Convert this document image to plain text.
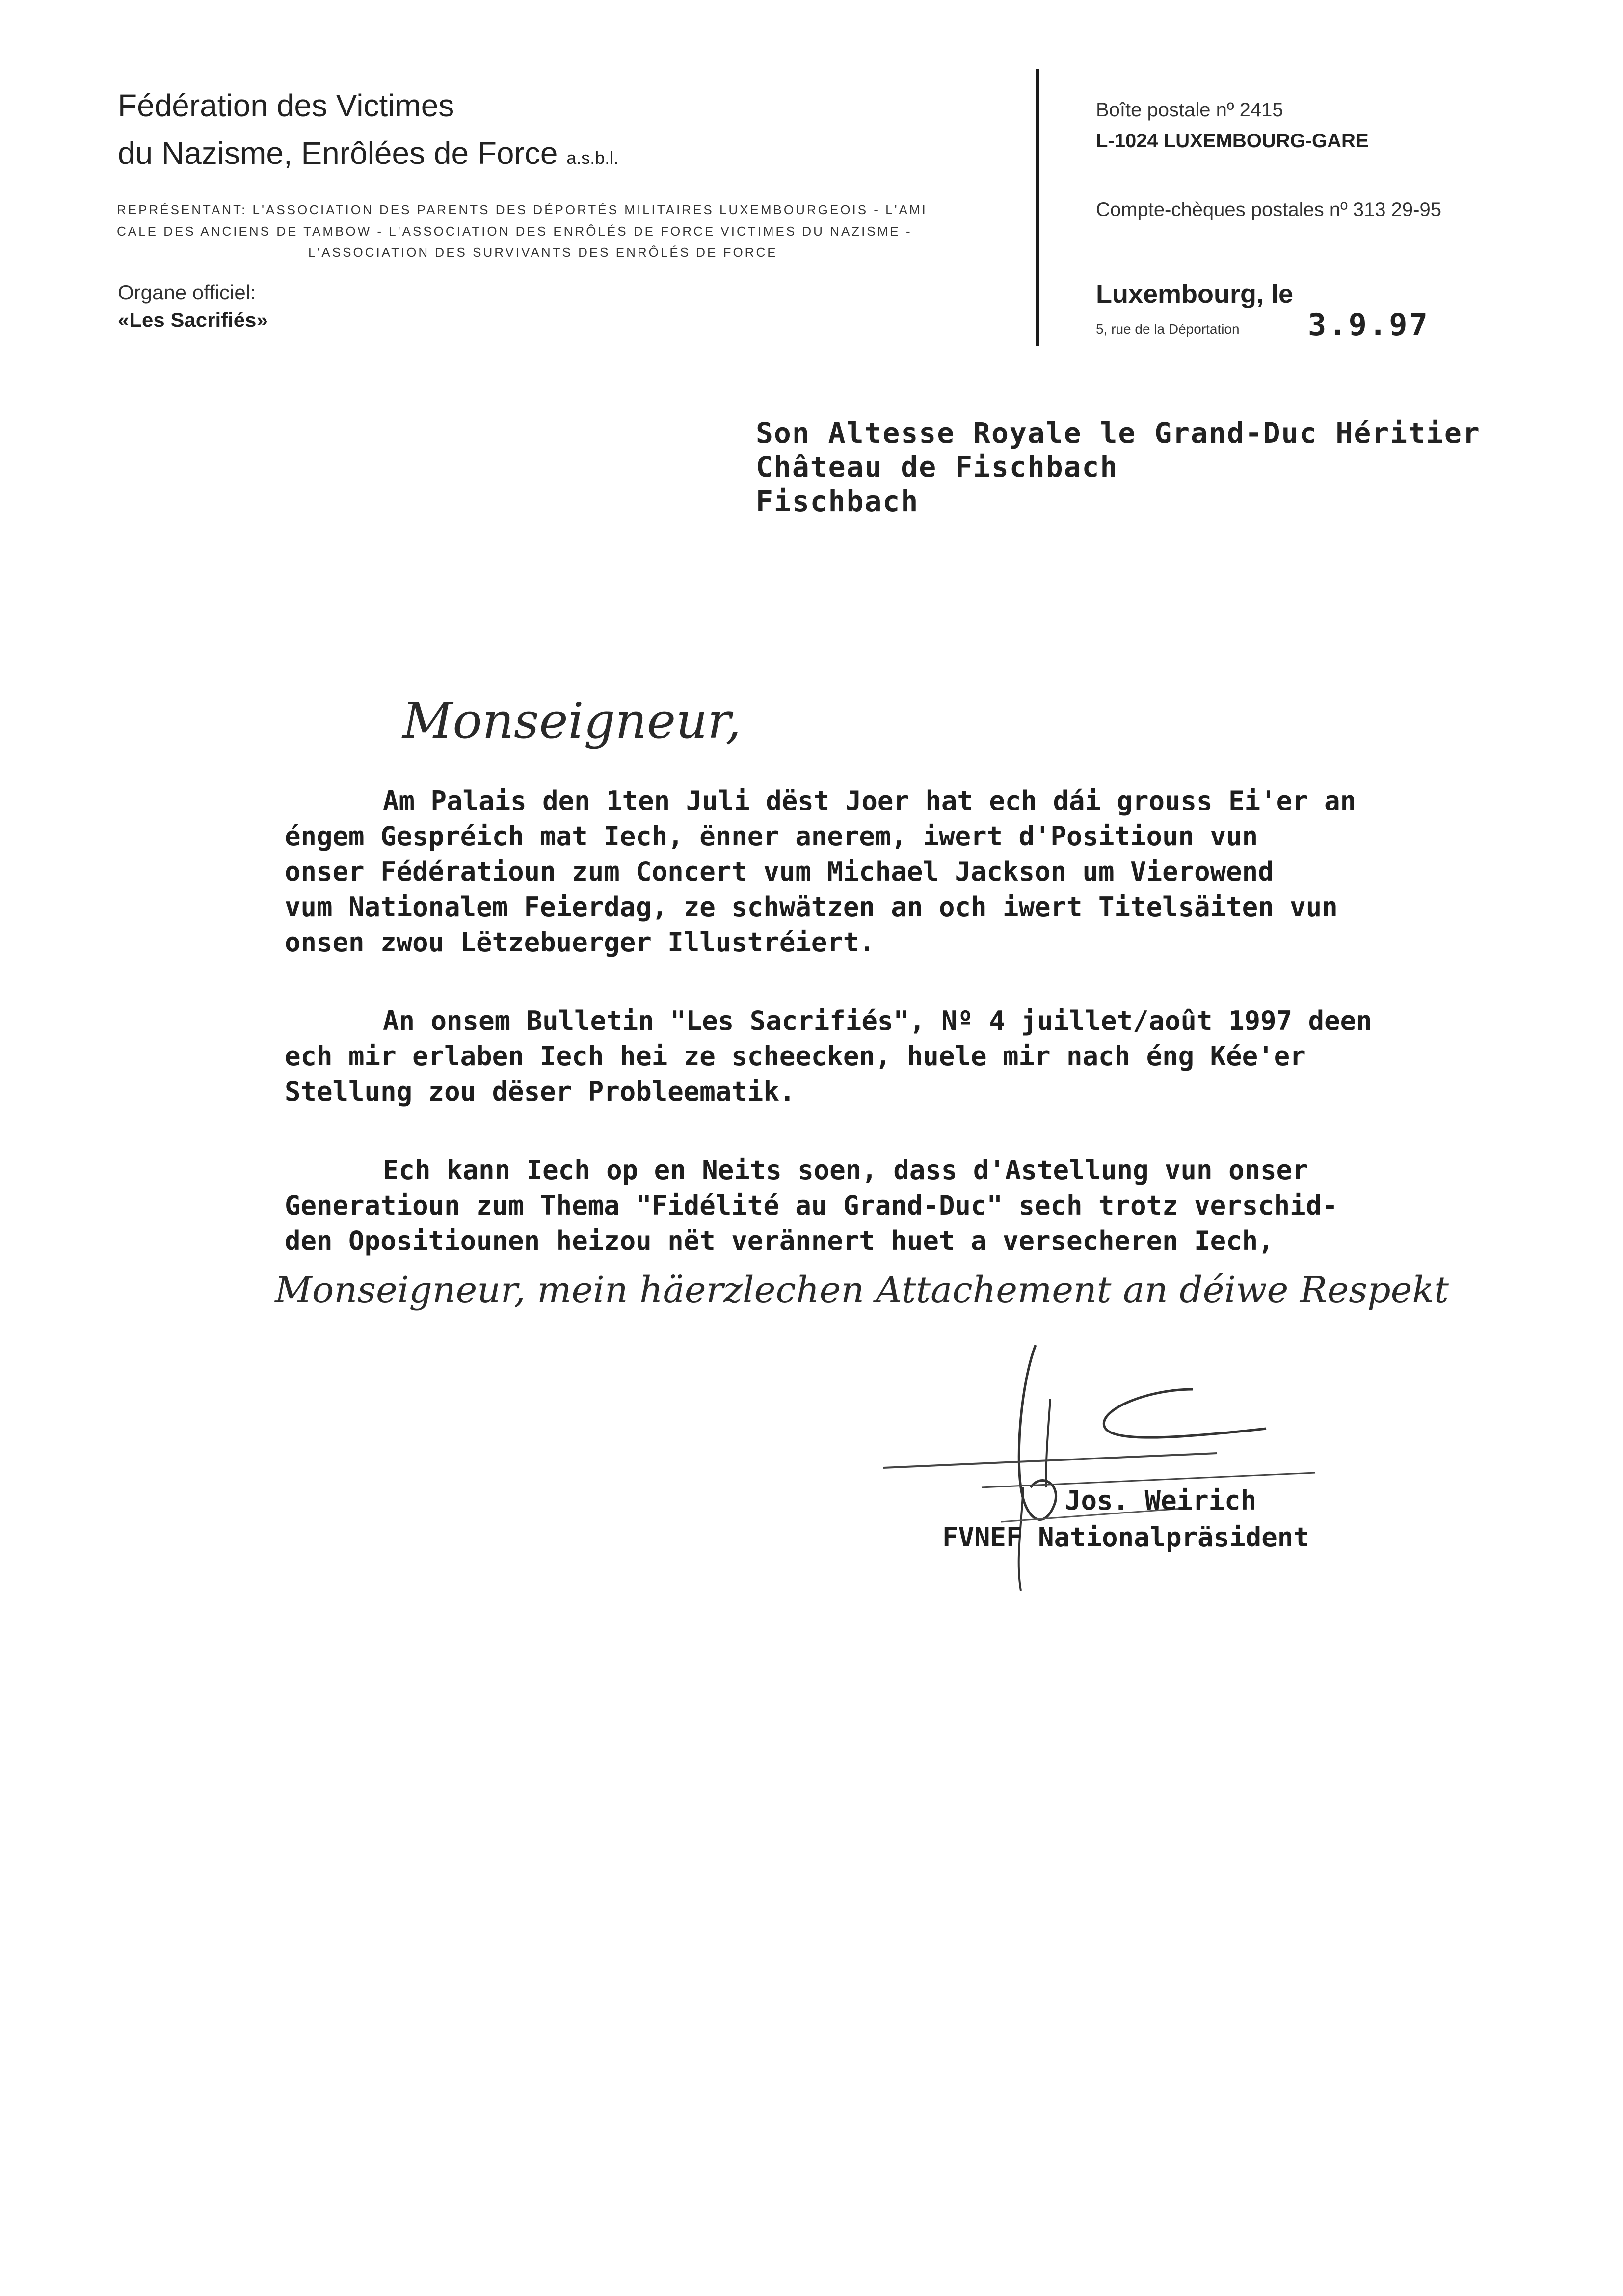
Fédération des Victimes
du Nazisme, Enrôlées de Force a.s.b.l.
REPRÉSENTANT: L'ASSOCIATION DES PARENTS DES DÉPORTÉS MILITAIRES LUXEMBOURGEOIS - L'AMI
CALE DES ANCIENS DE TAMBOW - L'ASSOCIATION DES ENRÔLÉS DE FORCE VICTIMES DU NAZISME -
L'ASSOCIATION DES SURVIVANTS DES ENRÔLÉS DE FORCE
Organe officiel:
«Les Sacrifiés»
Boîte postale nº 2415
L-1024 LUXEMBOURG-GARE
Compte-chèques postales nº 313 29-95
Luxembourg, le
5, rue de la Déportation 3.9.97
Son Altesse Royale le Grand-Duc Héritier
Château de Fischbach
Fischbach
Monseigneur,
Am Palais den 1ten Juli dëst Joer hat ech dái grouss Ei'er an
éngem Gespréich mat Iech, ënner anerem, iwert d'Positioun vun
onser Fédératioun zum Concert vum Michael Jackson um Vierowend
vum Nationalem Feierdag, ze schwätzen an och iwert Titelsäiten vun
onsen zwou Lëtzebuerger Illustréiert.
An onsem Bulletin "Les Sacrifiés", Nº 4 juillet/août 1997 deen
ech mir erlaben Iech hei ze scheecken, huele mir nach éng Kée'er
Stellung zou dëser Probleematik.
Ech kann Iech op en Neits soen, dass d'Astellung vun onser
Generatioun zum Thema "Fidélité au Grand-Duc" sech trotz verschid-
den Opositiounen heizou nët verännert huet a versecheren Iech,
Monseigneur, mein häerzlechen Attachement an déiwe Respekt
Jos. Weirich
FVNEF Nationalpräsident
